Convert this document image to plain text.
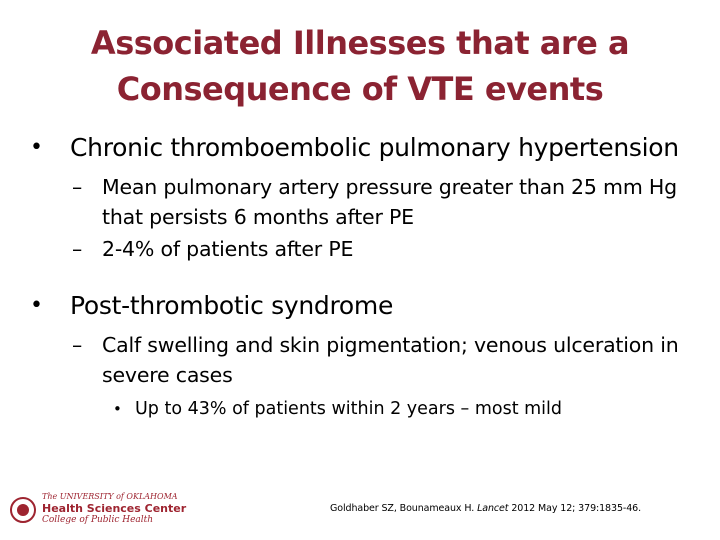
Associated Illnesses that are a
Consequence of VTE events
• Chronic thromboembolic pulmonary hypertension
– Mean pulmonary artery pressure greater than 25 mm Hg that persists 6 months after PE
– 2-4% of patients after PE
• Post-thrombotic syndrome
– Calf swelling and skin pigmentation; venous ulceration in severe cases
• Up to 43% of patients within 2 years – most mild
The UNIVERSITY of OKLAHOMA
Health Sciences Center
College of Public Health
Goldhaber SZ, Bounameaux H. Lancet 2012 May 12; 379:1835-46.
